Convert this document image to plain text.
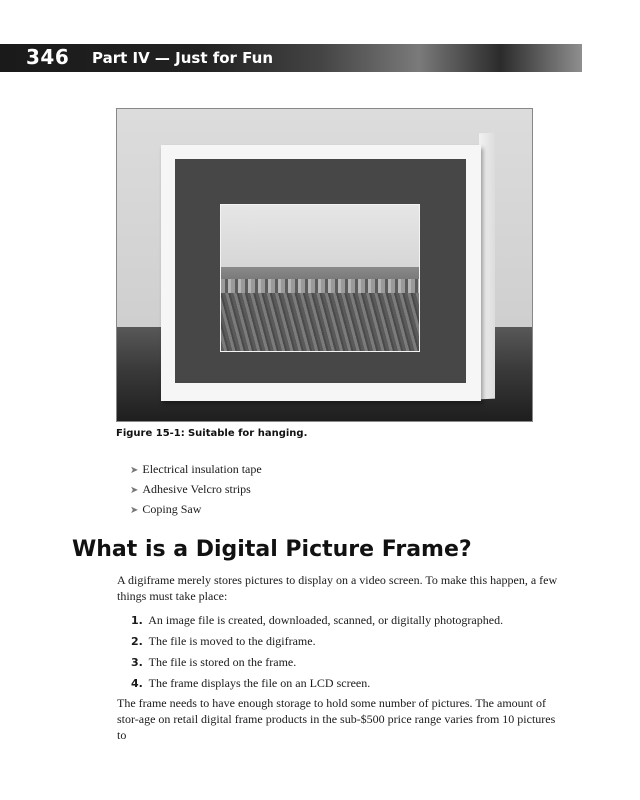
346 Part IV — Just for Fun
Figure 15-1: Suitable for hanging.
➤ Electrical insulation tape
➤ Adhesive Velcro strips
➤ Coping Saw
What is a Digital Picture Frame?

A digiframe merely stores pictures to display on a video screen. To make this happen, a few things must take place:

1. An image file is created, downloaded, scanned, or digitally photographed.
2. The file is moved to the digiframe.
3. The file is stored on the frame.
4. The frame displays the file on an LCD screen.

The frame needs to have enough storage to hold some number of pictures. The amount of stor-age on retail digital frame products in the sub-$500 price range varies from 10 pictures to
